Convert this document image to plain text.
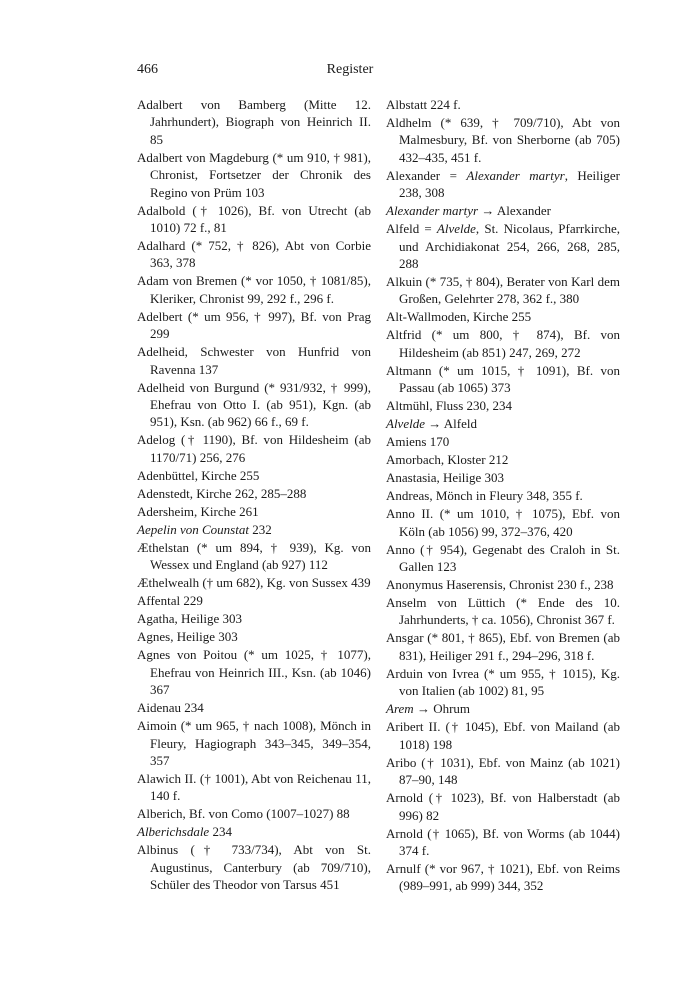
466	Register

Adalbert von Bamberg (Mitte 12. Jahrhundert), Biograph von Heinrich II. 85

Adalbert von Magdeburg (* um 910, † 981), Chronist, Fortsetzer der Chronik des Regino von Prüm 103

Adalbold († 1026), Bf. von Utrecht (ab 1010) 72 f., 81

Adalhard (* 752, † 826), Abt von Corbie 363, 378

Adam von Bremen (* vor 1050, † 1081/85), Kleriker, Chronist 99, 292 f., 296 f.

Adelbert (* um 956, † 997), Bf. von Prag 299

Adelheid, Schwester von Hunfrid von Ravenna 137

Adelheid von Burgund (* 931/932, † 999), Ehefrau von Otto I. (ab 951), Kgn. (ab 951), Ksn. (ab 962) 66 f., 69 f.

Adelog († 1190), Bf. von Hildesheim (ab 1170/71) 256, 276

Adenbüttel, Kirche 255

Adenstedt, Kirche 262, 285–288

Adersheim, Kirche 261

Aepelin von Counstat 232

Æthelstan (* um 894, † 939), Kg. von Wessex und England (ab 927) 112

Æthelwealh († um 682), Kg. von Sussex 439

Affental 229

Agatha, Heilige 303

Agnes, Heilige 303

Agnes von Poitou (* um 1025, † 1077), Ehefrau von Heinrich III., Ksn. (ab 1046) 367

Aidenau 234

Aimoin (* um 965, † nach 1008), Mönch in Fleury, Hagiograph 343–345, 349–354, 357

Alawich II. († 1001), Abt von Reichenau 11, 140 f.

Alberich, Bf. von Como (1007–1027) 88

Alberichsdale 234

Albinus († 733/734), Abt von St. Augustinus, Canterbury (ab 709/710), Schüler des Theodor von Tarsus 451

Albstatt 224 f.

Aldhelm (* 639, † 709/710), Abt von Malmesbury, Bf. von Sherborne (ab 705) 432–435, 451 f.

Alexander = Alexander martyr, Heiliger 238, 308

Alexander martyr → Alexander

Alfeld = Alvelde, St. Nicolaus, Pfarrkirche, und Archidiakonat 254, 266, 268, 285, 288

Alkuin (* 735, † 804), Berater von Karl dem Großen, Gelehrter 278, 362 f., 380

Alt-Wallmoden, Kirche 255

Altfrid (* um 800, † 874), Bf. von Hildesheim (ab 851) 247, 269, 272

Altmann (* um 1015, † 1091), Bf. von Passau (ab 1065) 373

Altmühl, Fluss 230, 234

Alvelde → Alfeld

Amiens 170

Amorbach, Kloster 212

Anastasia, Heilige 303

Andreas, Mönch in Fleury 348, 355 f.

Anno II. (* um 1010, † 1075), Ebf. von Köln (ab 1056) 99, 372–376, 420

Anno († 954), Gegenabt des Craloh in St. Gallen 123

Anonymus Haserensis, Chronist 230 f., 238

Anselm von Lüttich (* Ende des 10. Jahrhunderts, † ca. 1056), Chronist 367 f.

Ansgar (* 801, † 865), Ebf. von Bremen (ab 831), Heiliger 291 f., 294–296, 318 f.

Arduin von Ivrea (* um 955, † 1015), Kg. von Italien (ab 1002) 81, 95

Arem → Ohrum

Aribert II. († 1045), Ebf. von Mailand (ab 1018) 198

Aribo († 1031), Ebf. von Mainz (ab 1021) 87–90, 148

Arnold († 1023), Bf. von Halberstadt (ab 996) 82

Arnold († 1065), Bf. von Worms (ab 1044) 374 f.

Arnulf (* vor 967, † 1021), Ebf. von Reims (989–991, ab 999) 344, 352
